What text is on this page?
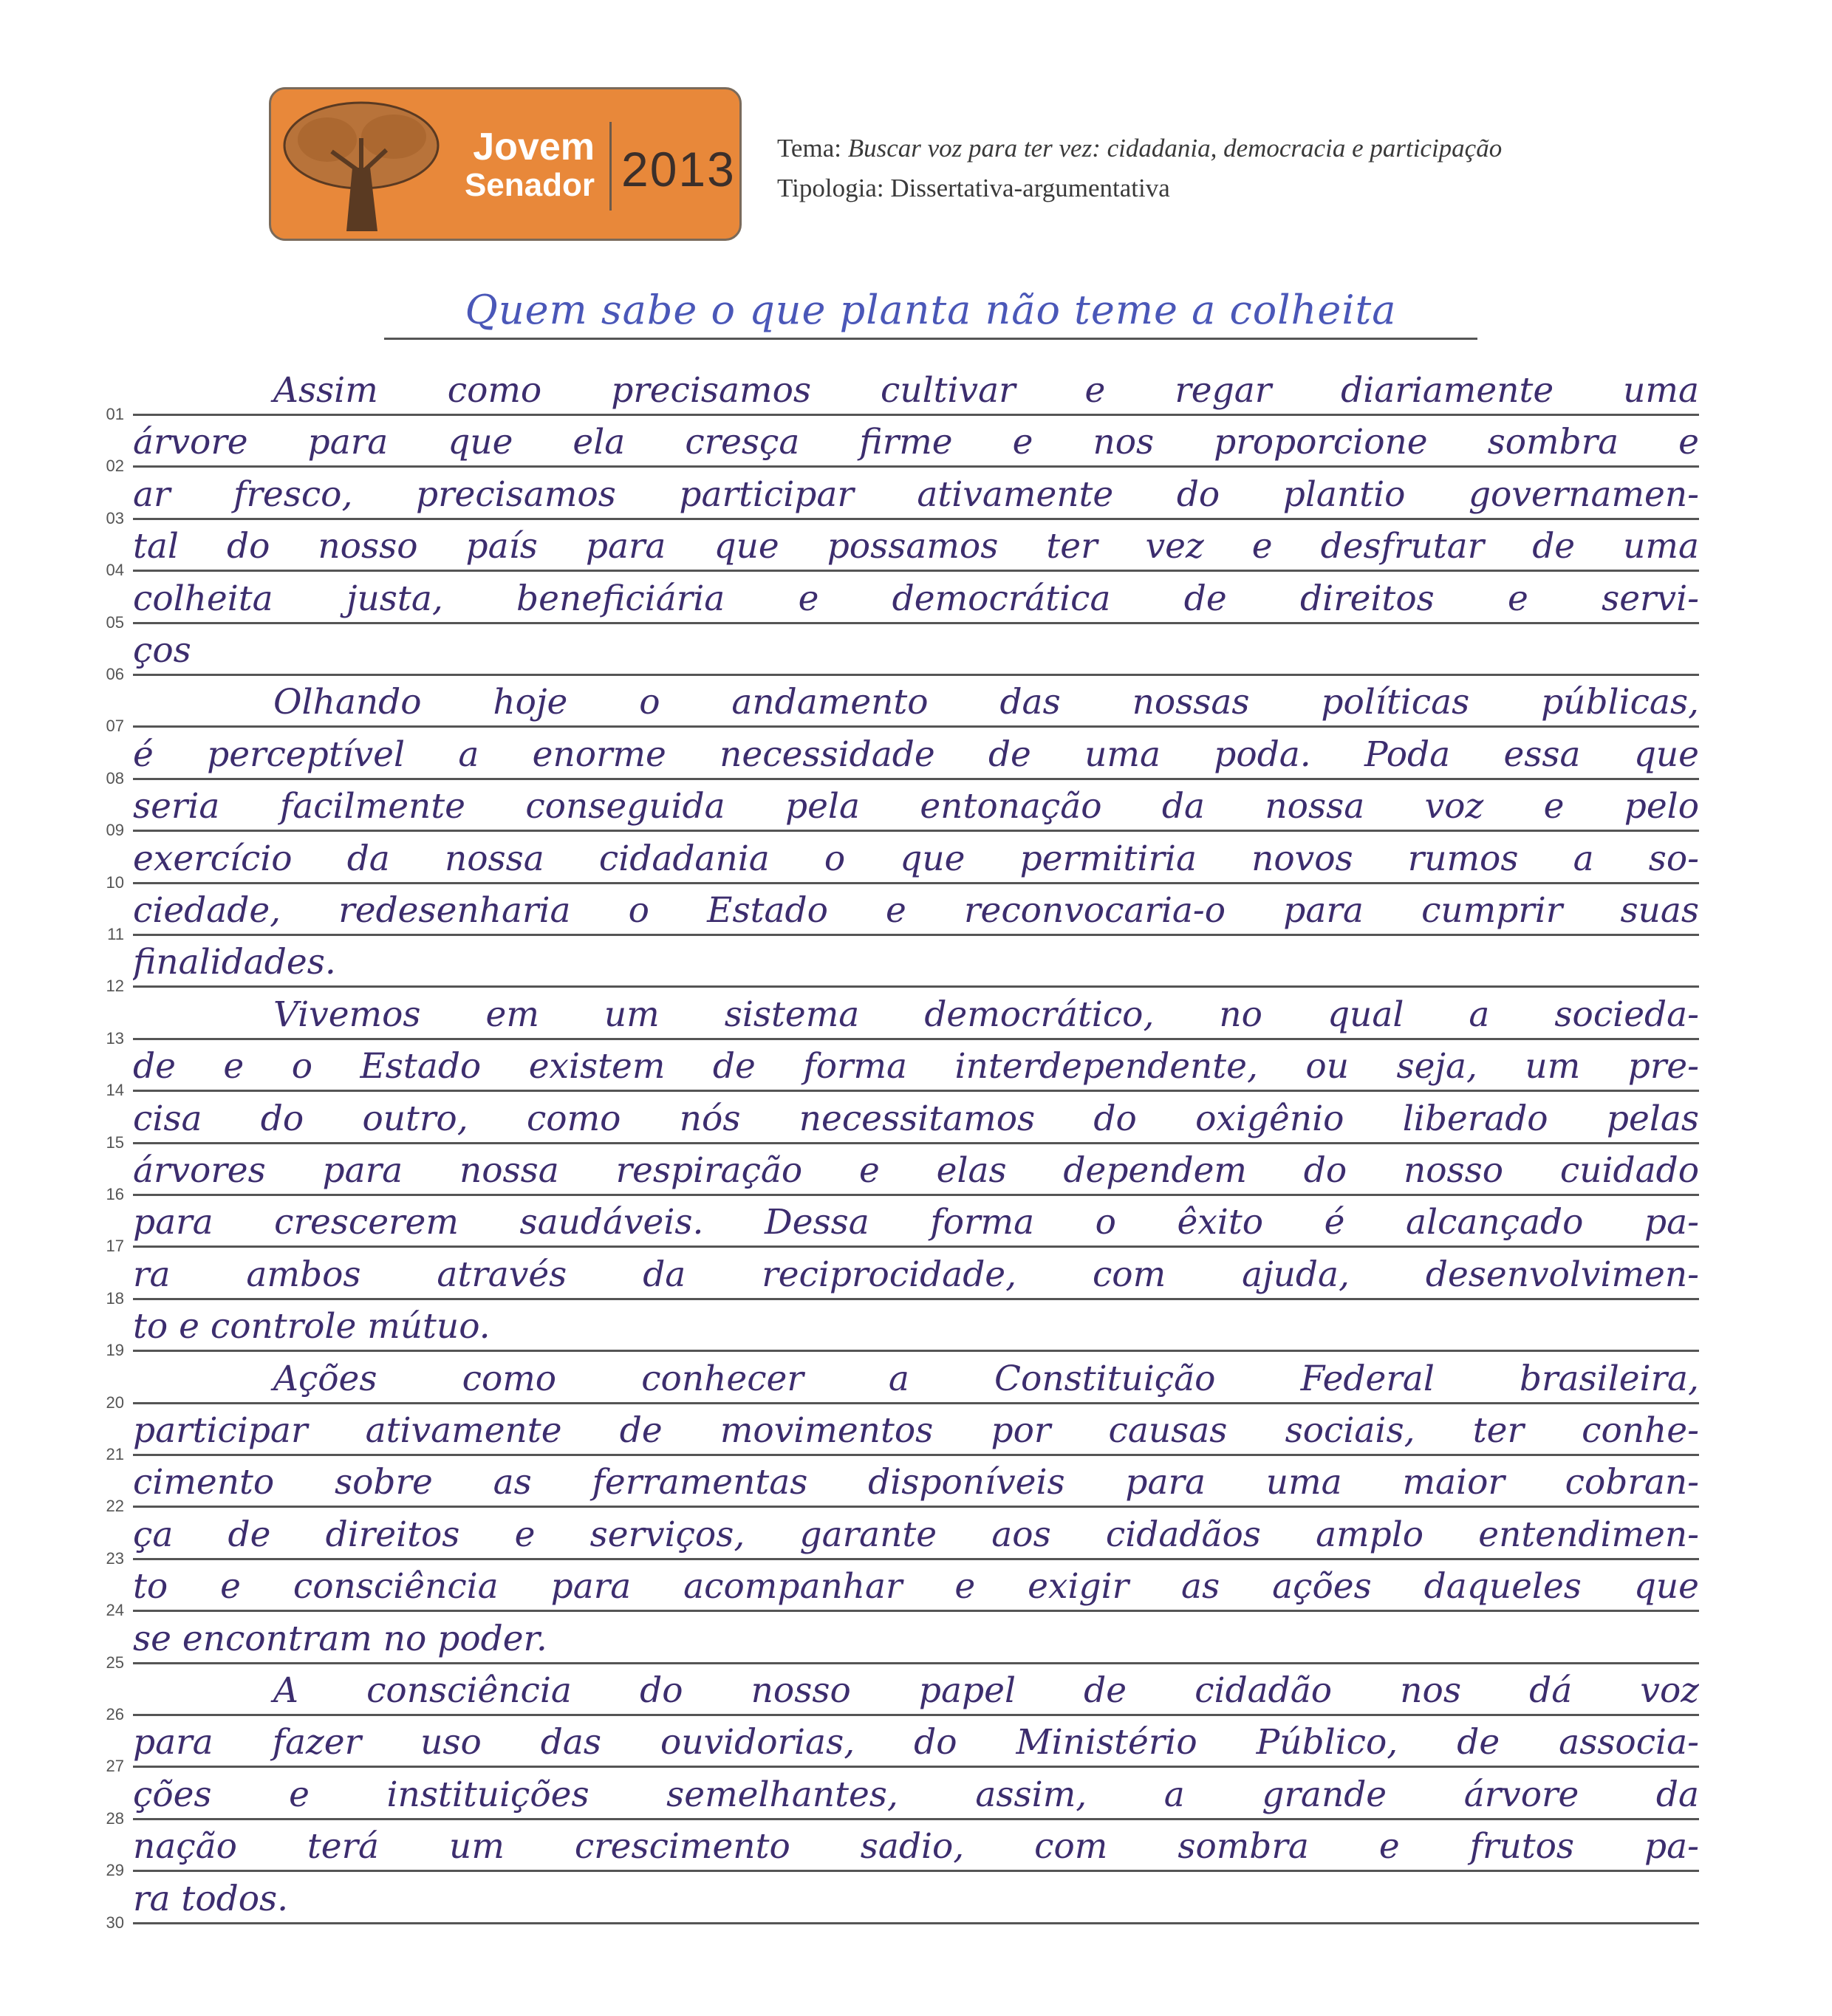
Jovem
Senador 2013 Tema: Buscar voz para ter vez: cidadania, democracia e participação
Tipologia: Dissertativa-argumentativa
Quem sabe o que planta não teme a colheita
01
Assim como precisamos cultivar e regar diariamente uma
02
árvore para que ela cresça firme e nos proporcione sombra e
03
ar fresco, precisamos participar ativamente do plantio governamen-
04
tal do nosso país para que possamos ter vez e desfrutar de uma
05
colheita justa, beneficiária e democrática de direitos e servi-
06
ços
07
Olhando hoje o andamento das nossas políticas públicas,
08
é perceptível a enorme necessidade de uma poda. Poda essa que
09
seria facilmente conseguida pela entonação da nossa voz e pelo
10
exercício da nossa cidadania o que permitiria novos rumos a so-
11
ciedade, redesenharia o Estado e reconvocaria-o para cumprir suas
12
finalidades.
13
Vivemos em um sistema democrático, no qual a socieda-
14
de e o Estado existem de forma interdependente, ou seja, um pre-
15
cisa do outro, como nós necessitamos do oxigênio liberado pelas
16
árvores para nossa respiração e elas dependem do nosso cuidado
17
para crescerem saudáveis. Dessa forma o êxito é alcançado pa-
18
ra ambos através da reciprocidade, com ajuda, desenvolvimen-
19
to e controle mútuo.
20
Ações como conhecer a Constituição Federal brasileira,
21
participar ativamente de movimentos por causas sociais, ter conhe-
22
cimento sobre as ferramentas disponíveis para uma maior cobran-
23
ça de direitos e serviços, garante aos cidadãos amplo entendimen-
24
to e consciência para acompanhar e exigir as ações daqueles que
25
se encontram no poder.
26
A consciência do nosso papel de cidadão nos dá voz
27
para fazer uso das ouvidorias, do Ministério Público, de associa-
28
ções e instituições semelhantes, assim, a grande árvore da
29
nação terá um crescimento sadio, com sombra e frutos pa-
30
ra todos.
